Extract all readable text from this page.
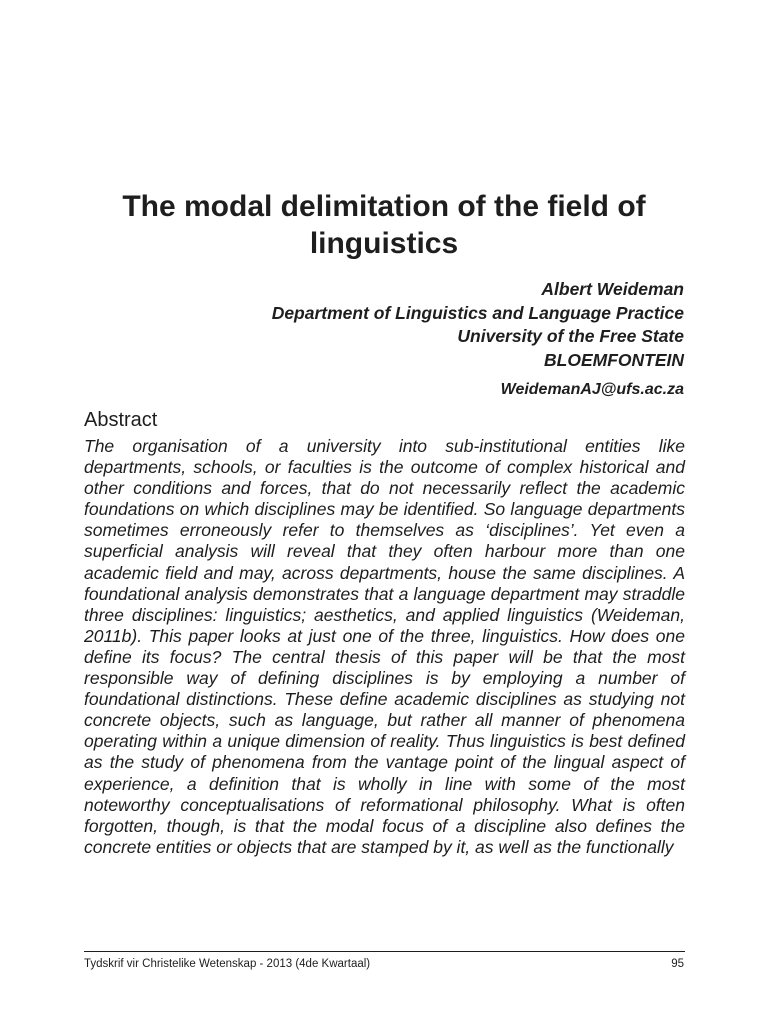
The modal delimitation of the field of linguistics
Albert Weideman
Department of Linguistics and Language Practice
University of the Free State
BLOEMFONTEIN
WeidemanAJ@ufs.ac.za
Abstract

The organisation of a university into sub-institutional entities like departments, schools, or faculties is the outcome of complex historical and other conditions and forces, that do not necessarily reflect the academic foundations on which disciplines may be identified. So language departments sometimes erroneously refer to themselves as ‘disciplines’. Yet even a superficial analysis will reveal that they often harbour more than one academic field and may, across departments, house the same disciplines. A foundational analysis demonstrates that a language department may straddle three disciplines: linguistics; aesthetics, and applied linguistics (Weideman, 2011b). This paper looks at just one of the three, linguistics. How does one define its focus? The central thesis of this paper will be that the most responsible way of defining disciplines is by employing a number of foundational distinctions. These define academic disciplines as studying not concrete objects, such as language, but rather all manner of phenomena operating within a unique dimension of reality. Thus linguistics is best defined as the study of phenomena from the vantage point of the lingual aspect of experience, a definition that is wholly in line with some of the most noteworthy conceptualisations of reformational philosophy. What is often forgotten, though, is that the modal focus of a discipline also defines the concrete entities or objects that are stamped by it, as well as the functionally

Tydskrif vir Christelike Wetenskap - 2013 (4de Kwartaal)	95
